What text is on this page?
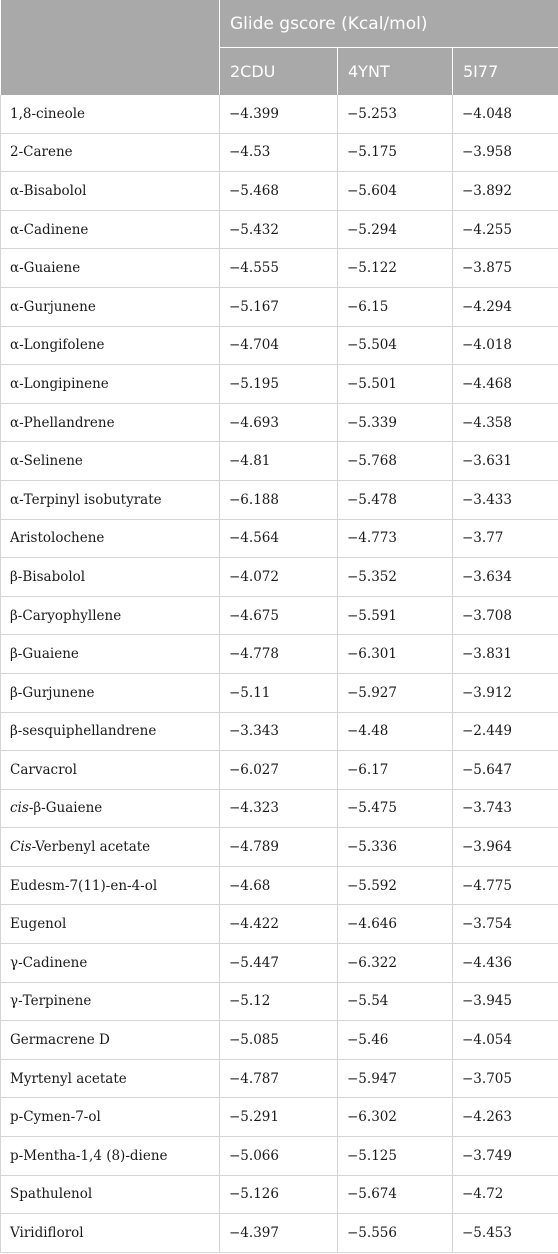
	Glide gscore (Kcal/mol)		
	2CDU	4YNT	5I77
1,8-cineole	−4.399	−5.253	−4.048
2-Carene	−4.53	−5.175	−3.958
α-Bisabolol	−5.468	−5.604	−3.892
α-Cadinene	−5.432	−5.294	−4.255
α-Guaiene	−4.555	−5.122	−3.875
α-Gurjunene	−5.167	−6.15	−4.294
α-Longifolene	−4.704	−5.504	−4.018
α-Longipinene	−5.195	−5.501	−4.468
α-Phellandrene	−4.693	−5.339	−4.358
α-Selinene	−4.81	−5.768	−3.631
α-Terpinyl isobutyrate	−6.188	−5.478	−3.433
Aristolochene	−4.564	−4.773	−3.77
β-Bisabolol	−4.072	−5.352	−3.634
β-Caryophyllene	−4.675	−5.591	−3.708
β-Guaiene	−4.778	−6.301	−3.831
β-Gurjunene	−5.11	−5.927	−3.912
β-sesquiphellandrene	−3.343	−4.48	−2.449
Carvacrol	−6.027	−6.17	−5.647
cis-β-Guaiene	−4.323	−5.475	−3.743
Cis-Verbenyl acetate	−4.789	−5.336	−3.964
Eudesm-7(11)-en-4-ol	−4.68	−5.592	−4.775
Eugenol	−4.422	−4.646	−3.754
γ-Cadinene	−5.447	−6.322	−4.436
γ-Terpinene	−5.12	−5.54	−3.945
Germacrene D	−5.085	−5.46	−4.054
Myrtenyl acetate	−4.787	−5.947	−3.705
p-Cymen-7-ol	−5.291	−6.302	−4.263
p-Mentha-1,4 (8)-diene	−5.066	−5.125	−3.749
Spathulenol	−5.126	−5.674	−4.72
Viridiflorol	−4.397	−5.556	−5.453
